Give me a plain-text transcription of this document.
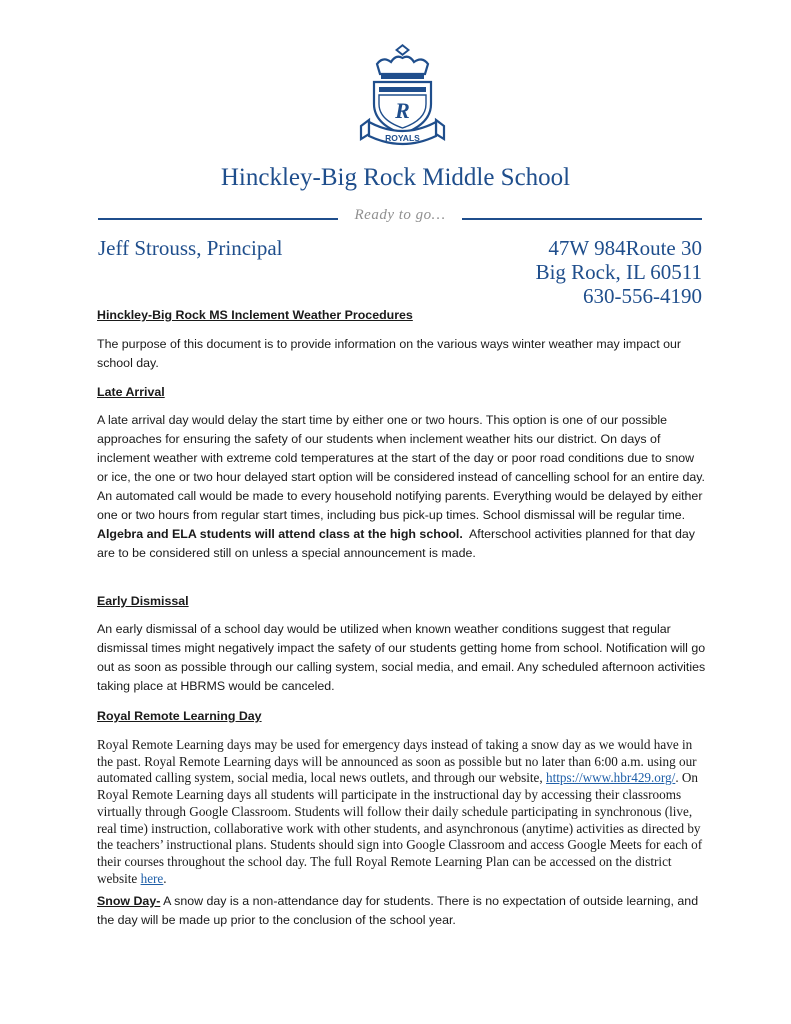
R
ROYALS
Hinckley-Big Rock Middle School
Ready to go…
Jeff Strouss, Principal	47W 984Route 30
Big Rock, IL 60511
630-556-4190
Hinckley-Big Rock MS Inclement Weather Procedures

The purpose of this document is to provide information on the various ways winter weather may impact our school day.

Late Arrival

A late arrival day would delay the start time by either one or two hours. This option is one of our possible approaches for ensuring the safety of our students when inclement weather hits our district. On days of inclement weather with extreme cold temperatures at the start of the day or poor road conditions due to snow or ice, the one or two hour delayed start option will be considered instead of cancelling school for an entire day. An automated call would be made to every household notifying parents. Everything would be delayed by either one or two hours from regular start times, including bus pick-up times. School dismissal will be regular time.  Algebra and ELA students will attend class at the high school. Afterschool activities planned for that day are to be considered still on unless a special announcement is made.

Early Dismissal

An early dismissal of a school day would be utilized when known weather conditions suggest that regular dismissal times might negatively impact the safety of our students getting home from school. Notification will go out as soon as possible through our calling system, social media, and email. Any scheduled afternoon activities taking place at HBRMS would be canceled.

Royal Remote Learning Day

Royal Remote Learning days may be used for emergency days instead of taking a snow day as we would have in the past. Royal Remote Learning days will be announced as soon as possible but no later than 6:00 a.m. using our automated calling system, social media, local news outlets, and through our website, https://www.hbr429.org/. On Royal Remote Learning days all students will participate in the instructional day by accessing their classrooms virtually through Google Classroom. Students will follow their daily schedule participating in synchronous (live, real time) instruction, collaborative work with other students, and asynchronous (anytime) activities as directed by the teachers’ instructional plans. Students should sign into Google Classroom and access Google Meets for each of their courses throughout the school day. The full Royal Remote Learning Plan can be accessed on the district website here.

Snow Day- A snow day is a non-attendance day for students. There is no expectation of outside learning, and the day will be made up prior to the conclusion of the school year.
